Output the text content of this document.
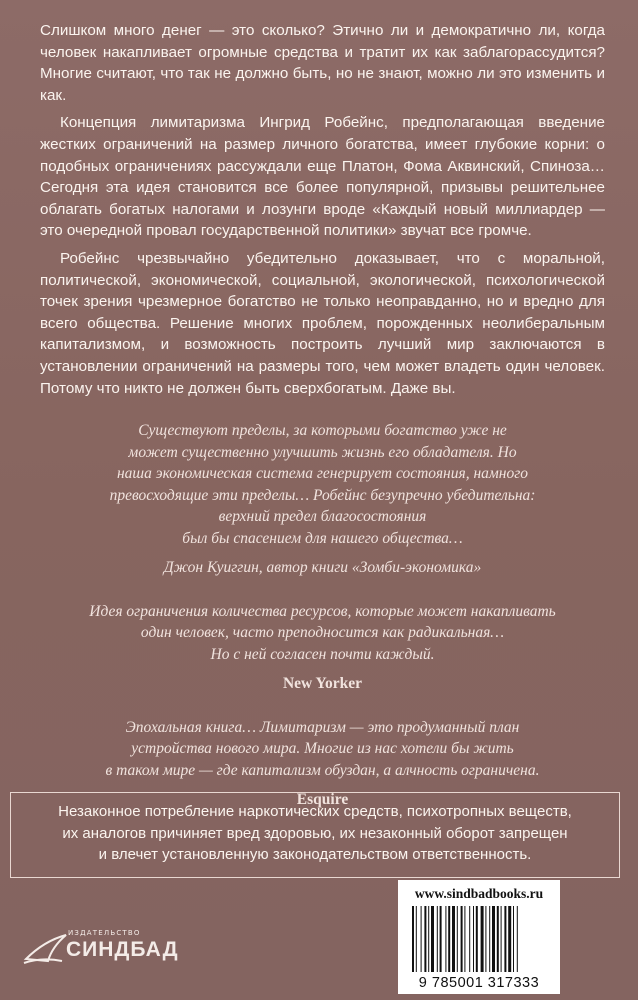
Слишком много денег — это сколько? Этично ли и демократично ли, когда человек накапливает огромные средства и тратит их как заблагорассудится? Многие считают, что так не должно быть, но не знают, можно ли это изменить и как.

Концепция лимитаризма Ингрид Робейнс, предполагающая введение жестких ограничений на размер личного богатства, имеет глубокие корни: о подобных ограничениях рассуждали еще Платон, Фома Аквинский, Спиноза… Сегодня эта идея становится все более популярной, призывы решительнее облагать богатых налогами и лозунги вроде «Каждый новый миллиардер — это очередной провал государственной политики» звучат все громче.

Робейнс чрезвычайно убедительно доказывает, что с моральной, политической, экономической, социальной, экологической, психологической точек зрения чрезмерное богатство не только неоправданно, но и вредно для всего общества. Решение многих проблем, порожденных неолиберальным капитализмом, и возможность построить лучший мир заключаются в установлении ограничений на размеры того, чем может владеть один человек. Потому что никто не должен быть сверхбогатым. Даже вы.

Существуют пределы, за которыми богатство уже не

может существенно улучшить жизнь его обладателя. Но

наша экономическая система генерирует состояния, намного

превосходящие эти пределы… Робейнс безупречно убедительна:

верхний предел благосостояния

был бы спасением для нашего общества…

Джон Куиггин, автор книги «Зомби-экономика»

Идея ограничения количества ресурсов, которые может накапливать

один человек, часто преподносится как радикальная…

Но с ней согласен почти каждый.

New Yorker

Эпохальная книга… Лимитаризм — это продуманный план

устройства нового мира. Многие из нас хотели бы жить

в таком мире — где капитализм обуздан, а алчность ограничена.

Esquire

Незаконное потребление наркотических средств, психотропных веществ,
их аналогов причиняет вред здоровью, их незаконный оборот запрещен
и влечет установленную законодательством ответственность.
ИЗДАТЕЛЬСТВО
СИНДБАД
www.sindbadbooks.ru
9 785001 317333
